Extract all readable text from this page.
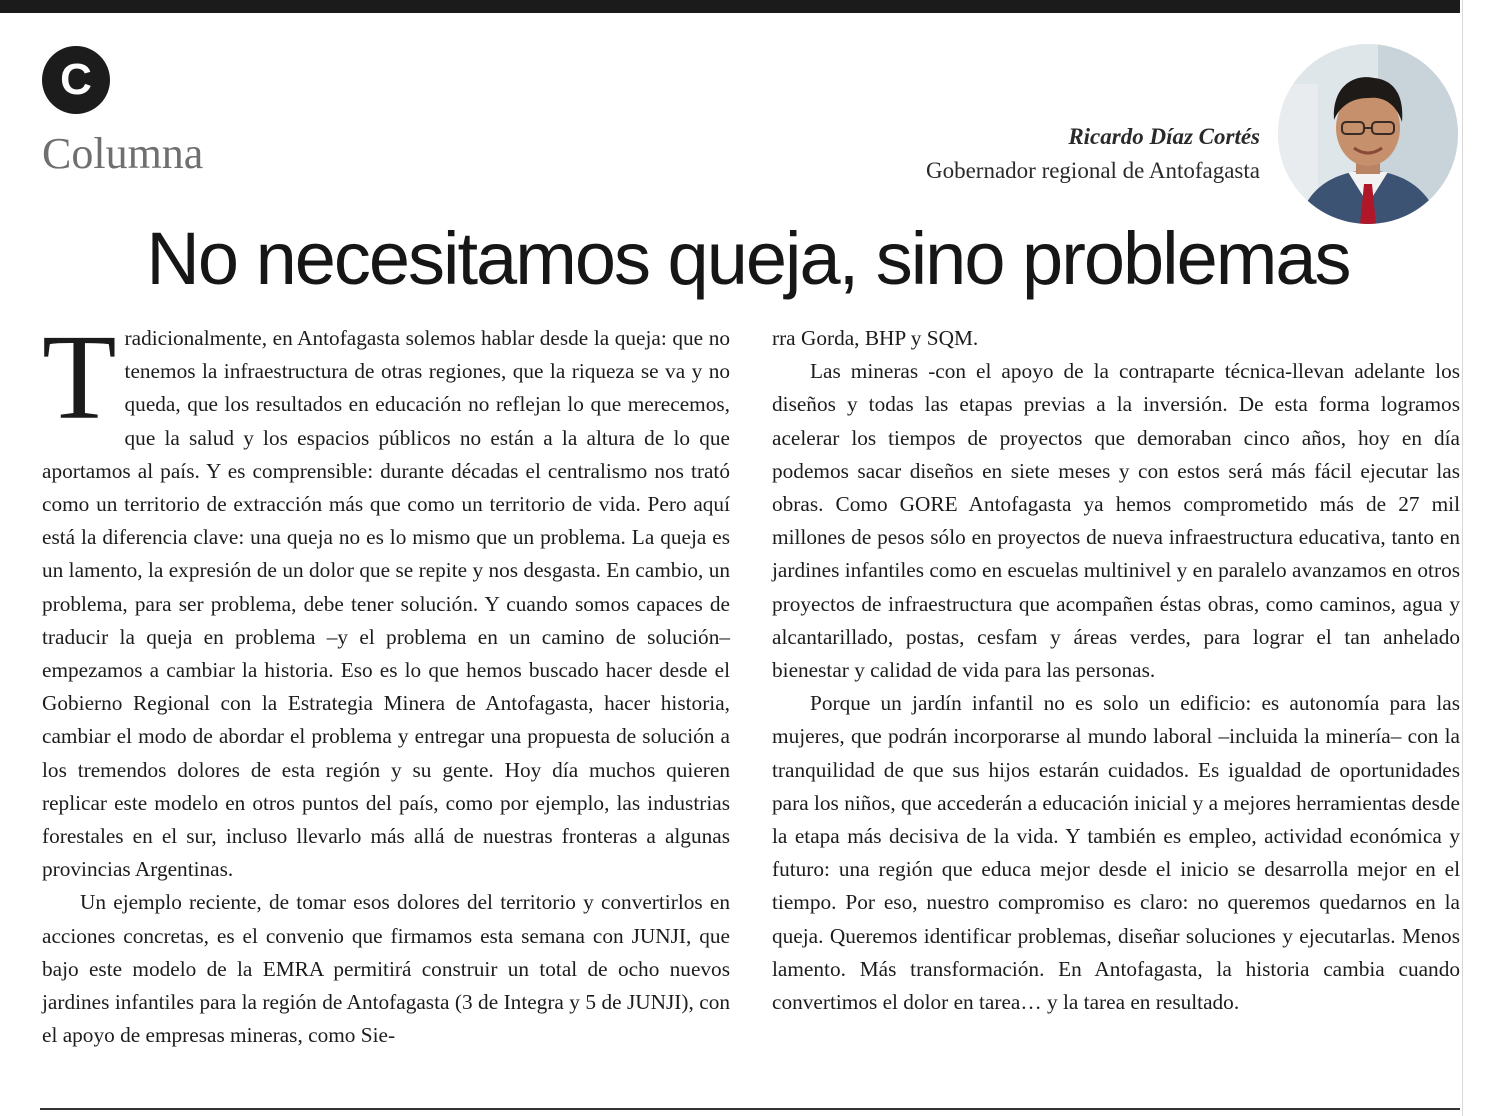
C
Columna	Ricardo Díaz Cortés
Gobernador regional de Antofagasta
No necesitamos queja, sino problemas

Tradicionalmente, en Antofagasta solemos hablar desde la queja: que no tenemos la infraestructura de otras regiones, que la riqueza se va y no queda, que los resultados en educación no reflejan lo que merecemos, que la salud y los espacios públicos no están a la altura de lo que aportamos al país. Y es comprensible: durante décadas el centralismo nos trató como un territorio de extracción más que como un territorio de vida. Pero aquí está la diferencia clave: una queja no es lo mismo que un problema. La queja es un lamento, la expresión de un dolor que se repite y nos desgasta. En cambio, un problema, para ser problema, debe tener solución. Y cuando somos capaces de traducir la queja en problema –y el problema en un camino de solución– empezamos a cambiar la historia. Eso es lo que hemos buscado hacer desde el Gobierno Regional con la Estrategia Minera de Antofagasta, hacer historia, cambiar el modo de abordar el problema y entregar una propuesta de solución a los tremendos dolores de esta región y su gente. Hoy día muchos quieren replicar este modelo en otros puntos del país, como por ejemplo, las industrias forestales en el sur, incluso llevarlo más allá de nuestras fronteras a algunas provincias Argentinas.

Un ejemplo reciente, de tomar esos dolores del territorio y convertirlos en acciones concretas, es el convenio que firmamos esta semana con JUNJI, que bajo este modelo de la EMRA permitirá construir un total de ocho nuevos jardines infantiles para la región de Antofagasta (3 de Integra y 5 de JUNJI), con el apoyo de empresas mineras, como Sie-

rra Gorda, BHP y SQM.

Las mineras -con el apoyo de la contraparte técnica-llevan adelante los diseños y todas las etapas previas a la inversión. De esta forma logramos acelerar los tiempos de proyectos que demoraban cinco años, hoy en día podemos sacar diseños en siete meses y con estos será más fácil ejecutar las obras. Como GORE Antofagasta ya hemos comprometido más de 27 mil millones de pesos sólo en proyectos de nueva infraestructura educativa, tanto en jardines infantiles como en escuelas multinivel y en paralelo avanzamos en otros proyectos de infraestructura que acompañen éstas obras, como caminos, agua y alcantarillado, postas, cesfam y áreas verdes, para lograr el tan anhelado bienestar y calidad de vida para las personas.

Porque un jardín infantil no es solo un edificio: es autonomía para las mujeres, que podrán incorporarse al mundo laboral –incluida la minería– con la tranquilidad de que sus hijos estarán cuidados. Es igualdad de oportunidades para los niños, que accederán a educación inicial y a mejores herramientas desde la etapa más decisiva de la vida. Y también es empleo, actividad económica y futuro: una región que educa mejor desde el inicio se desarrolla mejor en el tiempo. Por eso, nuestro compromiso es claro: no queremos quedarnos en la queja. Queremos identificar problemas, diseñar soluciones y ejecutarlas. Menos lamento. Más transformación. En Antofagasta, la historia cambia cuando convertimos el dolor en tarea… y la tarea en resultado.
